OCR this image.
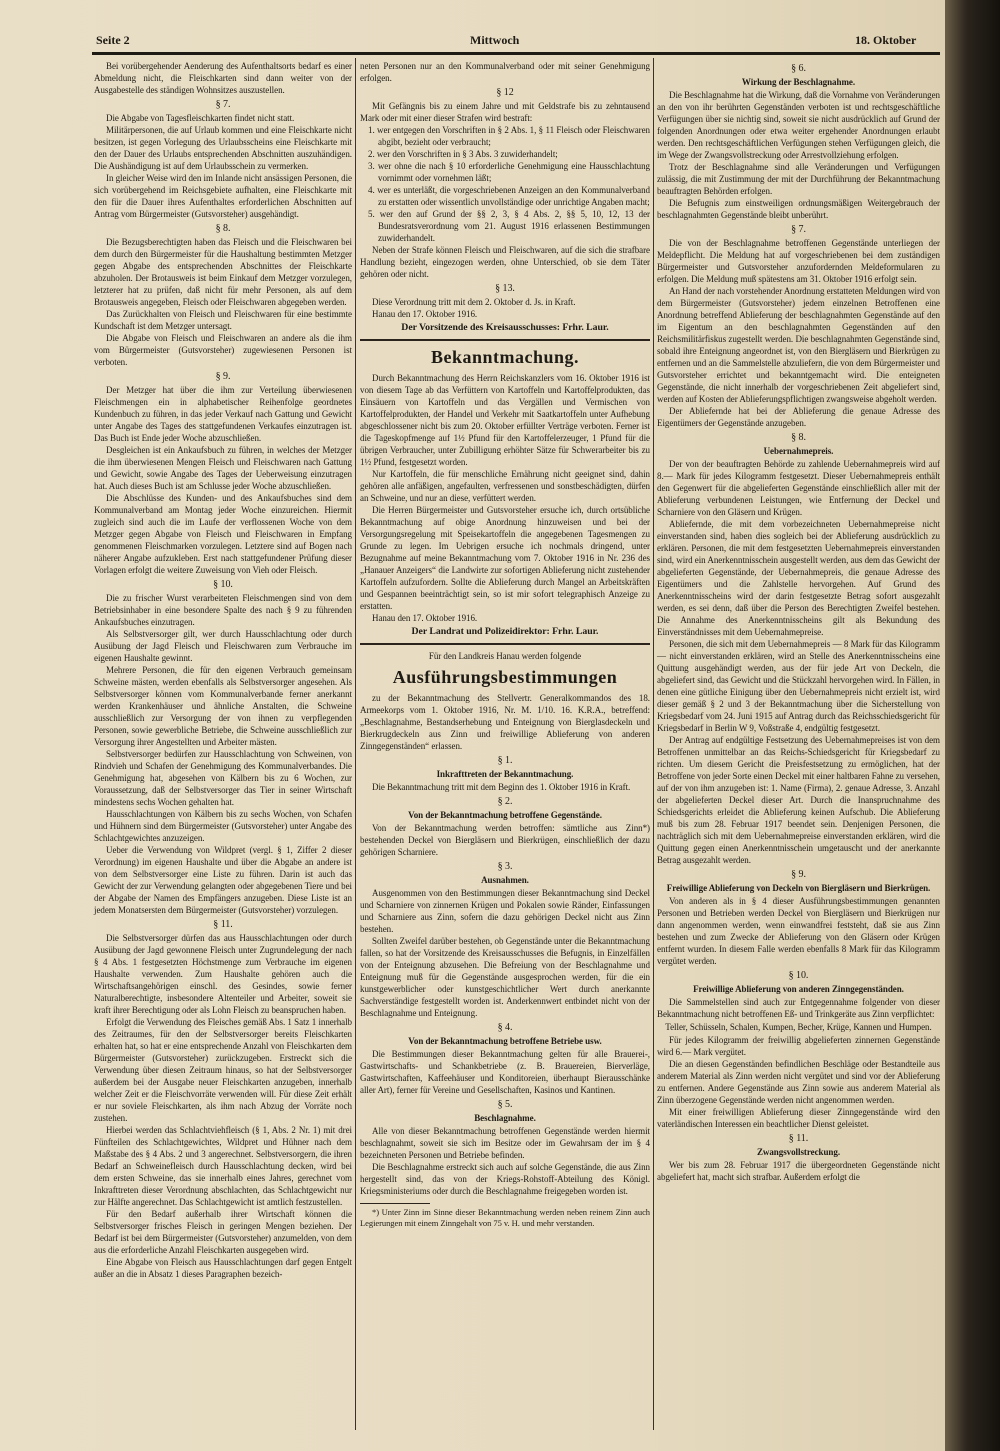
Seite 2	Mittwoch	18. Oktober
Bei vorübergehender Aenderung des Aufenthaltsorts bedarf es einer Abmeldung nicht, die Fleischkarten sind dann weiter von der Ausgabestelle des ständigen Wohnsitzes auszustellen.
§ 7.
Die Abgabe von Tagesfleischkarten findet nicht statt.
Militärpersonen, die auf Urlaub kommen und eine Fleischkarte nicht besitzen, ist gegen Vorlegung des Urlaubsscheins eine Fleischkarte mit den der Dauer des Urlaubs entsprechenden Abschnitten auszuhändigen. Die Aushändigung ist auf dem Urlaubsschein zu vermerken.
In gleicher Weise wird den im Inlande nicht ansässigen Personen, die sich vorübergehend im Reichsgebiete aufhalten, eine Fleischkarte mit den für die Dauer ihres Aufenthaltes erforderlichen Abschnitten auf Antrag vom Bürgermeister (Gutsvorsteher) ausgehändigt.
§ 8.
Die Bezugsberechtigten haben das Fleisch und die Fleischwaren bei dem durch den Bürgermeister für die Haushaltung bestimmten Metzger gegen Abgabe des entsprechenden Abschnittes der Fleischkarte abzuholen. Der Brotausweis ist beim Einkauf dem Metzger vorzulegen, letzterer hat zu prüfen, daß nicht für mehr Personen, als auf dem Brotausweis angegeben, Fleisch oder Fleischwaren abgegeben werden.
Das Zurückhalten von Fleisch und Fleischwaren für eine bestimmte Kundschaft ist dem Metzger untersagt.
Die Abgabe von Fleisch und Fleischwaren an andere als die ihm vom Bürgermeister (Gutsvorsteher) zugewiesenen Personen ist verboten.
§ 9.
Der Metzger hat über die ihm zur Verteilung überwiesenen Fleischmengen ein in alphabetischer Reihenfolge geordnetes Kundenbuch zu führen, in das jeder Verkauf nach Gattung und Gewicht unter Angabe des Tages des stattgefundenen Verkaufes einzutragen ist. Das Buch ist Ende jeder Woche abzuschließen.
Desgleichen ist ein Ankaufsbuch zu führen, in welches der Metzger die ihm überwiesenen Mengen Fleisch und Fleischwaren nach Gattung und Gewicht, sowie Angabe des Tages der Ueberweisung einzutragen hat. Auch dieses Buch ist am Schlusse jeder Woche abzuschließen.
Die Abschlüsse des Kunden- und des Ankaufsbuches sind dem Kommunalverband am Montag jeder Woche einzureichen. Hiermit zugleich sind auch die im Laufe der verflossenen Woche von dem Metzger gegen Abgabe von Fleisch und Fleischwaren in Empfang genommenen Fleischmarken vorzulegen. Letztere sind auf Bogen nach näherer Angabe aufzukleben. Erst nach stattgefundener Prüfung dieser Vorlagen erfolgt die weitere Zuweisung von Vieh oder Fleisch.
§ 10.
Die zu frischer Wurst verarbeiteten Fleischmengen sind von dem Betriebsinhaber in eine besondere Spalte des nach § 9 zu führenden Ankaufsbuches einzutragen.
Als Selbstversorger gilt, wer durch Hausschlachtung oder durch Ausübung der Jagd Fleisch und Fleischwaren zum Verbrauche im eigenen Haushalte gewinnt.
Mehrere Personen, die für den eigenen Verbrauch gemeinsam Schweine mästen, werden ebenfalls als Selbstversorger angesehen. Als Selbstversorger können vom Kommunalverbande ferner anerkannt werden Krankenhäuser und ähnliche Anstalten, die Schweine ausschließlich zur Versorgung der von ihnen zu verpflegenden Personen, sowie gewerbliche Betriebe, die Schweine ausschließlich zur Versorgung ihrer Angestellten und Arbeiter mästen.
Selbstversorger bedürfen zur Hausschlachtung von Schweinen, von Rindvieh und Schafen der Genehmigung des Kommunalverbandes. Die Genehmigung hat, abgesehen von Kälbern bis zu 6 Wochen, zur Voraussetzung, daß der Selbstversorger das Tier in seiner Wirtschaft mindestens sechs Wochen gehalten hat.
Hausschlachtungen von Kälbern bis zu sechs Wochen, von Schafen und Hühnern sind dem Bürgermeister (Gutsvorsteher) unter Angabe des Schlachtgewichtes anzuzeigen.
Ueber die Verwendung von Wildpret (vergl. § 1, Ziffer 2 dieser Verordnung) im eigenen Haushalte und über die Abgabe an andere ist von dem Selbstversorger eine Liste zu führen. Darin ist auch das Gewicht der zur Verwendung gelangten oder abgegebenen Tiere und bei der Abgabe der Namen des Empfängers anzugeben. Diese Liste ist an jedem Monatsersten dem Bürgermeister (Gutsvorsteher) vorzulegen.
§ 11.
Die Selbstversorger dürfen das aus Hausschlachtungen oder durch Ausübung der Jagd gewonnene Fleisch unter Zugrundelegung der nach § 4 Abs. 1 festgesetzten Höchstmenge zum Verbrauche im eigenen Haushalte verwenden. Zum Haushalte gehören auch die Wirtschaftsangehörigen einschl. des Gesindes, sowie ferner Naturalberechtigte, insbesondere Altenteiler und Arbeiter, soweit sie kraft ihrer Berechtigung oder als Lohn Fleisch zu beanspruchen haben.
Erfolgt die Verwendung des Fleisches gemäß Abs. 1 Satz 1 innerhalb des Zeitraumes, für den der Selbstversorger bereits Fleischkarten erhalten hat, so hat er eine entsprechende Anzahl von Fleischkarten dem Bürgermeister (Gutsvorsteher) zurückzugeben. Erstreckt sich die Verwendung über diesen Zeitraum hinaus, so hat der Selbstversorger außerdem bei der Ausgabe neuer Fleischkarten anzugeben, innerhalb welcher Zeit er die Fleischvorräte verwenden will. Für diese Zeit erhält er nur soviele Fleischkarten, als ihm nach Abzug der Vorräte noch zustehen.
Hierbei werden das Schlachtviehfleisch (§ 1, Abs. 2 Nr. 1) mit drei Fünfteilen des Schlachtgewichtes, Wildpret und Hühner nach dem Maßstabe des § 4 Abs. 2 und 3 angerechnet. Selbstversorgern, die ihren Bedarf an Schweinefleisch durch Hausschlachtung decken, wird bei dem ersten Schweine, das sie innerhalb eines Jahres, gerechnet vom Inkrafttreten dieser Verordnung abschlachten, das Schlachtgewicht nur zur Hälfte angerechnet. Das Schlachtgewicht ist amtlich festzustellen.
Für den Bedarf außerhalb ihrer Wirtschaft können die Selbstversorger frisches Fleisch in geringen Mengen beziehen. Der Bedarf ist bei dem Bürgermeister (Gutsvorsteher) anzumelden, von dem aus die erforderliche Anzahl Fleischkarten ausgegeben wird.
Eine Abgabe von Fleisch aus Hausschlachtungen darf gegen Entgelt außer an die in Absatz 1 dieses Paragraphen bezeich-
neten Personen nur an den Kommunalverband oder mit seiner Genehmigung erfolgen.
§ 12
Mit Gefängnis bis zu einem Jahre und mit Geldstrafe bis zu zehntausend Mark oder mit einer dieser Strafen wird bestraft:
1. wer entgegen den Vorschriften in § 2 Abs. 1, § 11 Fleisch oder Fleischwaren abgibt, bezieht oder verbraucht;
2. wer den Vorschriften in § 3 Abs. 3 zuwiderhandelt;
3. wer ohne die nach § 10 erforderliche Genehmigung eine Hausschlachtung vornimmt oder vornehmen läßt;
4. wer es unterläßt, die vorgeschriebenen Anzeigen an den Kommunalverband zu erstatten oder wissentlich unvollständige oder unrichtige Angaben macht;
5. wer den auf Grund der §§ 2, 3, § 4 Abs. 2, §§ 5, 10, 12, 13 der Bundesratsverordnung vom 21. August 1916 erlassenen Bestimmungen zuwiderhandelt.
Neben der Strafe können Fleisch und Fleischwaren, auf die sich die strafbare Handlung bezieht, eingezogen werden, ohne Unterschied, ob sie dem Täter gehören oder nicht.
§ 13.
Diese Verordnung tritt mit dem 2. Oktober d. Js. in Kraft.
Hanau den 17. Oktober 1916.
Der Vorsitzende des Kreisausschusses: Frhr. Laur.
Bekanntmachung.
Durch Bekanntmachung des Herrn Reichskanzlers vom 16. Oktober 1916 ist von diesem Tage ab das Verfüttern von Kartoffeln und Kartoffelprodukten, das Einsäuern von Kartoffeln und das Vergällen und Vermischen von Kartoffelprodukten, der Handel und Verkehr mit Saatkartoffeln unter Aufhebung abgeschlossener nicht bis zum 20. Oktober erfüllter Verträge verboten. Ferner ist die Tageskopfmenge auf 1½ Pfund für den Kartoffelerzeuger, 1 Pfund für die übrigen Verbraucher, unter Zubilligung erhöhter Sätze für Schwerarbeiter bis zu 1½ Pfund, festgesetzt worden.
Nur Kartoffeln, die für menschliche Ernährung nicht geeignet sind, dahin gehören alle anfäßigen, angefaulten, verfressenen und sonstbeschädigten, dürfen an Schweine, und nur an diese, verfüttert werden.
Die Herren Bürgermeister und Gutsvorsteher ersuche ich, durch ortsübliche Bekanntmachung auf obige Anordnung hinzuweisen und bei der Versorgungsregelung mit Speisekartoffeln die angegebenen Tagesmengen zu Grunde zu legen. Im Uebrigen ersuche ich nochmals dringend, unter Bezugnahme auf meine Bekanntmachung vom 7. Oktober 1916 in Nr. 236 des „Hanauer Anzeigers“ die Landwirte zur sofortigen Ablieferung nicht zustehender Kartoffeln aufzufordern. Sollte die Ablieferung durch Mangel an Arbeitskräften und Gespannen beeinträchtigt sein, so ist mir sofort telegraphisch Anzeige zu erstatten.
Hanau den 17. Oktober 1916.
Der Landrat und Polizeidirektor: Frhr. Laur.
Für den Landkreis Hanau werden folgende
Ausführungsbestimmungen
zu der Bekanntmachung des Stellvertr. Generalkommandos des 18. Armeekorps vom 1. Oktober 1916, Nr. M. 1/10. 16. K.R.A., betreffend: „Beschlagnahme, Bestandserhebung und Enteignung von Bierglasdeckeln und Bierkrugdeckeln aus Zinn und freiwillige Ablieferung von anderen Zinngegenständen“ erlassen.
§ 1.
Inkrafttreten der Bekanntmachung.
Die Bekanntmachung tritt mit dem Beginn des 1. Oktober 1916 in Kraft.
§ 2.
Von der Bekanntmachung betroffene Gegenstände.
Von der Bekanntmachung werden betroffen: sämtliche aus Zinn*) bestehenden Deckel von Biergläsern und Bierkrügen, einschließlich der dazu gehörigen Scharniere.
§ 3.
Ausnahmen.
Ausgenommen von den Bestimmungen dieser Bekanntmachung sind Deckel und Scharniere von zinnernen Krügen und Pokalen sowie Ränder, Einfassungen und Scharniere aus Zinn, sofern die dazu gehörigen Deckel nicht aus Zinn bestehen.
Sollten Zweifel darüber bestehen, ob Gegenstände unter die Bekanntmachung fallen, so hat der Vorsitzende des Kreisausschusses die Befugnis, in Einzelfällen von der Enteignung abzusehen. Die Befreiung von der Beschlagnahme und Enteignung muß für die Gegenstände ausgesprochen werden, für die ein kunstgewerblicher oder kunstgeschichtlicher Wert durch anerkannte Sachverständige festgestellt worden ist. Anderkennwert entbindet nicht von der Beschlagnahme und Enteignung.
§ 4.
Von der Bekanntmachung betroffene Betriebe usw.
Die Bestimmungen dieser Bekanntmachung gelten für alle Brauerei-, Gastwirtschafts- und Schankbetriebe (z. B. Brauereien, Bierverläge, Gastwirtschaften, Kaffeehäuser und Konditoreien, überhaupt Bierausschänke aller Art), ferner für Vereine und Gesellschaften, Kasinos und Kantinen.
§ 5.
Beschlagnahme.
Alle von dieser Bekanntmachung betroffenen Gegenstände werden hiermit beschlagnahmt, soweit sie sich im Besitze oder im Gewahrsam der im § 4 bezeichneten Personen und Betriebe befinden.
Die Beschlagnahme erstreckt sich auch auf solche Gegenstände, die aus Zinn hergestellt sind, das von der Kriegs-Rohstoff-Abteilung des Königl. Kriegsministeriums oder durch die Beschlagnahme freigegeben worden ist.
*) Unter Zinn im Sinne dieser Bekanntmachung werden neben reinem Zinn auch Legierungen mit einem Zinngehalt von 75 v. H. und mehr verstanden.
§ 6.
Wirkung der Beschlagnahme.
Die Beschlagnahme hat die Wirkung, daß die Vornahme von Veränderungen an den von ihr berührten Gegenständen verboten ist und rechtsgeschäftliche Verfügungen über sie nichtig sind, soweit sie nicht ausdrücklich auf Grund der folgenden Anordnungen oder etwa weiter ergehender Anordnungen erlaubt werden. Den rechtsgeschäftlichen Verfügungen stehen Verfügungen gleich, die im Wege der Zwangsvollstreckung oder Arrestvollziehung erfolgen.
Trotz der Beschlagnahme sind alle Veränderungen und Verfügungen zulässig, die mit Zustimmung der mit der Durchführung der Bekanntmachung beauftragten Behörden erfolgen.
Die Befugnis zum einstweiligen ordnungsmäßigen Weitergebrauch der beschlagnahmten Gegenstände bleibt unberührt.
§ 7.
Die von der Beschlagnahme betroffenen Gegenstände unterliegen der Meldepflicht. Die Meldung hat auf vorgeschriebenen bei dem zuständigen Bürgermeister und Gutsvorsteher anzufordernden Meldeformularen zu erfolgen. Die Meldung muß spätestens am 31. Oktober 1916 erfolgt sein.
An Hand der nach vorstehender Anordnung erstatteten Meldungen wird von dem Bürgermeister (Gutsvorsteher) jedem einzelnen Betroffenen eine Anordnung betreffend Ablieferung der beschlagnahmten Gegenstände auf den im Eigentum an den beschlagnahmten Gegenständen auf den Reichsmilitärfiskus zugestellt werden. Die beschlagnahmten Gegenstände sind, sobald ihre Enteignung angeordnet ist, von den Biergläsern und Bierkrügen zu entfernen und an die Sammelstelle abzuliefern, die von dem Bürgermeister und Gutsvorsteher errichtet und bekanntgemacht wird. Die enteigneten Gegenstände, die nicht innerhalb der vorgeschriebenen Zeit abgeliefert sind, werden auf Kosten der Ablieferungspflichtigen zwangsweise abgeholt werden.
Der Abliefernde hat bei der Ablieferung die genaue Adresse des Eigentümers der Gegenstände anzugeben.
§ 8.
Uebernahmepreis.
Der von der beauftragten Behörde zu zahlende Uebernahmepreis wird auf 8.— Mark für jedes Kilogramm festgesetzt. Dieser Uebernahmepreis enthält den Gegenwert für die abgelieferten Gegenstände einschließlich aller mit der Ablieferung verbundenen Leistungen, wie Entfernung der Deckel und Scharniere von den Gläsern und Krügen.
Abliefernde, die mit dem vorbezeichneten Uebernahmepreise nicht einverstanden sind, haben dies sogleich bei der Ablieferung ausdrücklich zu erklären. Personen, die mit dem festgesetzten Uebernahmepreis einverstanden sind, wird ein Anerkenntnisschein ausgestellt werden, aus dem das Gewicht der abgelieferten Gegenstände, der Uebernahmepreis, die genaue Adresse des Eigentümers und die Zahlstelle hervorgehen. Auf Grund des Anerkenntnisscheins wird der darin festgesetzte Betrag sofort ausgezahlt werden, es sei denn, daß über die Person des Berechtigten Zweifel bestehen. Die Annahme des Anerkenntnisscheins gilt als Bekundung des Einverständnisses mit dem Uebernahmepreise.
Personen, die sich mit dem Uebernahmepreis — 8 Mark für das Kilogramm — nicht einverstanden erklären, wird an Stelle des Anerkenntnisscheins eine Quittung ausgehändigt werden, aus der für jede Art von Deckeln, die abgeliefert sind, das Gewicht und die Stückzahl hervorgehen wird. In Fällen, in denen eine gütliche Einigung über den Uebernahmepreis nicht erzielt ist, wird dieser gemäß § 2 und 3 der Bekanntmachung über die Sicherstellung von Kriegsbedarf vom 24. Juni 1915 auf Antrag durch das Reichsschiedsgericht für Kriegsbedarf in Berlin W 9, Voßstraße 4, endgültig festgesetzt.
Der Antrag auf endgültige Festsetzung des Uebernahmepreises ist von dem Betroffenen unmittelbar an das Reichs-Schiedsgericht für Kriegsbedarf zu richten. Um diesem Gericht die Preisfestsetzung zu ermöglichen, hat der Betroffene von jeder Sorte einen Deckel mit einer haltbaren Fahne zu versehen, auf der von ihm anzugeben ist: 1. Name (Firma), 2. genaue Adresse, 3. Anzahl der abgelieferten Deckel dieser Art. Durch die Inanspruchnahme des Schiedsgerichts erleidet die Ablieferung keinen Aufschub. Die Ablieferung muß bis zum 28. Februar 1917 beendet sein. Denjenigen Personen, die nachträglich sich mit dem Uebernahmepreise einverstanden erklären, wird die Quittung gegen einen Anerkenntnisschein umgetauscht und der anerkannte Betrag ausgezahlt werden.
§ 9.
Freiwillige Ablieferung von Deckeln von Biergläsern und Bierkrügen.
Von anderen als in § 4 dieser Ausführungsbestimmungen genannten Personen und Betrieben werden Deckel von Biergläsern und Bierkrügen nur dann angenommen werden, wenn einwandfrei feststeht, daß sie aus Zinn bestehen und zum Zwecke der Ablieferung von den Gläsern oder Krügen entfernt wurden. In diesem Falle werden ebenfalls 8 Mark für das Kilogramm vergütet werden.
§ 10.
Freiwillige Ablieferung von anderen Zinngegenständen.
Die Sammelstellen sind auch zur Entgegennahme folgender von dieser Bekanntmachung nicht betroffenen Eß- und Trinkgeräte aus Zinn verpflichtet:
Teller, Schüsseln, Schalen, Kumpen, Becher, Krüge, Kannen und Humpen.
Für jedes Kilogramm der freiwillig abgelieferten zinnernen Gegenstände wird 6.— Mark vergütet.
Die an diesen Gegenständen befindlichen Beschläge oder Bestandteile aus anderem Material als Zinn werden nicht vergütet und sind vor der Ablieferung zu entfernen. Andere Gegenstände aus Zinn sowie aus anderem Material als Zinn überzogene Gegenstände werden nicht angenommen werden.
Mit einer freiwilligen Ablieferung dieser Zinngegenstände wird den vaterländischen Interessen ein beachtlicher Dienst geleistet.
§ 11.
Zwangsvollstreckung.
Wer bis zum 28. Februar 1917 die übergeordneten Gegenstände nicht abgeliefert hat, macht sich strafbar. Außerdem erfolgt die
